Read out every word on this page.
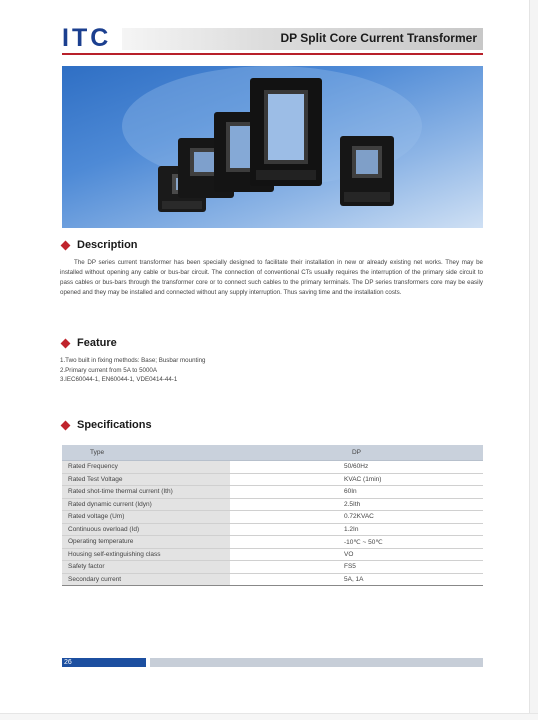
ITC	DP Split Core Current Transformer
Description

The DP series current transformer has been specially designed to facilitate their installation in new or already existing net works. They may be installed without opening any cable or bus-bar circuit. The connection of conventional CTs usually requires the interruption of the primary side circuit to pass cables or bus-bars through the transformer core or to connect such cables to the primary terminals. The DP series transformers core may be easily opened and they may be installed and connected without any supply interruption. Thus saving time and the installation costs.

Feature
1.Two built in fixing methods: Base; Busbar mounting
2.Primary current from 5A to 5000A
3.IEC60044-1, EN60044-1, VDE0414-44-1
Specifications
Type	DP
Rated Frequency	50/60Hz
Rated Test Voltage	KVAC (1min)
Rated shot-time thermal current (Ith)	60In
Rated dynamic current (Idyn)	2.5Ith
Rated voltage (Um)	0.72KVAC
Continuous overload (Id)	1.2In
Operating temperature	-10℃ ~ 50℃
Housing self-extinguishing class	VO
Safety factor	FS5
Secondary current	5A, 1A
26
